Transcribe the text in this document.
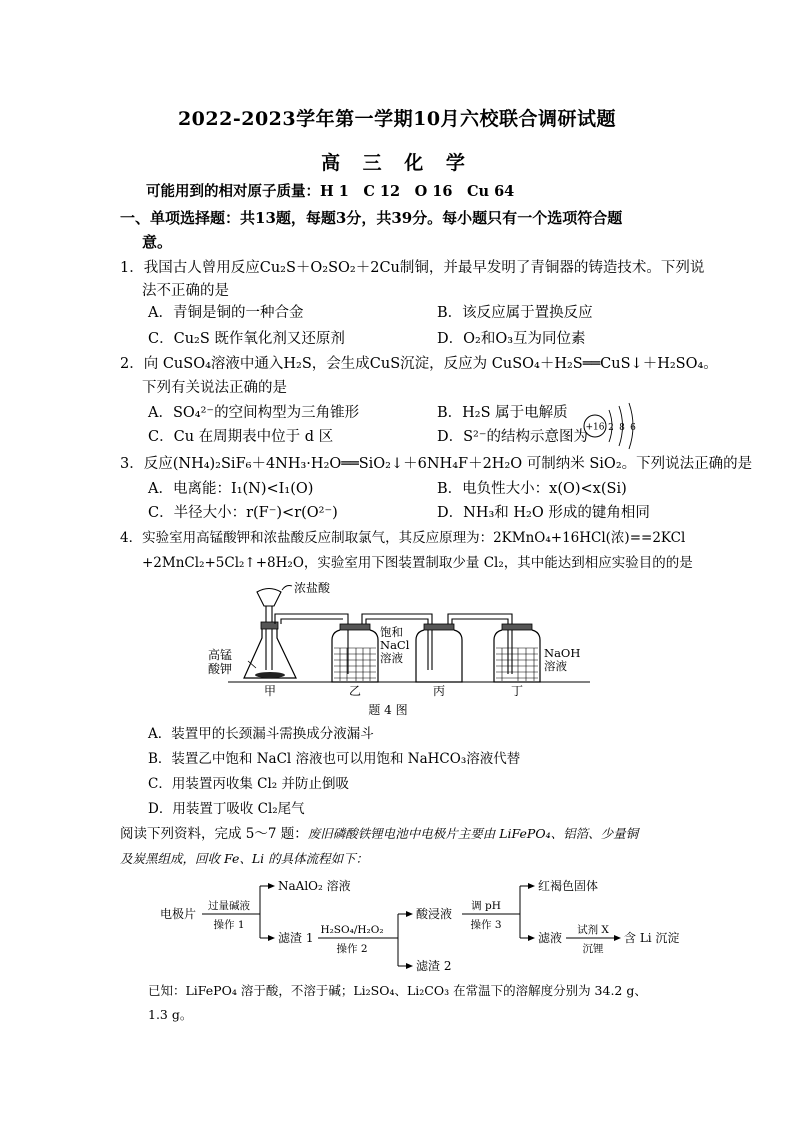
2022-2023学年第一学期10月六校联合调研试题
高 三 化 学
可能用到的相对原子质量：H 1　C 12　O 16　Cu 64
一、单项选择题：共13题，每题3分，共39分。每小题只有一个选项符合题
意。
1．我国古人曾用反应Cu₂S＋O₂SO₂＋2Cu制铜，并最早发明了青铜器的铸造技术。下列说
法不正确的是
A．青铜是铜的一种合金	B．该反应属于置换反应
C．Cu₂S 既作氧化剂又还原剂	D．O₂和O₃互为同位素
2．向 CuSO₄溶液中通入H₂S，会生成CuS沉淀，反应为 CuSO₄＋H₂S══CuS↓＋H₂SO₄。
下列有关说法正确的是
A．SO₄²⁻的空间构型为三角锥形	B．H₂S 属于电解质
C．Cu 在周期表中位于 d 区	D．S²⁻的结构示意图为
+16 2 8 6
3．反应(NH₄)₂SiF₆＋4NH₃·H₂O══SiO₂↓＋6NH₄F＋2H₂O 可制纳米 SiO₂。下列说法正确的是
A．电离能：I₁(N)<I₁(O)	B．电负性大小：x(O)<x(Si)
C．半径大小：r(F⁻)<r(O²⁻)	D．NH₃和 H₂O 形成的键角相同
4．实验室用高锰酸钾和浓盐酸反应制取氯气，其反应原理为：2KMnO₄+16HCl(浓)==2KCl
+2MnCl₂+5Cl₂↑+8H₂O，实验室用下图装置制取少量 Cl₂，其中能达到相应实验目的的是
浓盐酸
高锰
酸钾
饱和
NaCl
溶液	NaOH
溶液
甲	乙	丙	丁
题 4 图
A．装置甲的长颈漏斗需换成分液漏斗
B．装置乙中饱和 NaCl 溶液也可以用饱和 NaHCO₃溶液代替
C．用装置丙收集 Cl₂ 并防止倒吸
D．用装置丁吸收 Cl₂尾气
阅读下列资料，完成 5～7 题：废旧磷酸铁锂电池中电极片主要由 LiFePO₄、铝箔、少量铜
及炭黑组成，回收 Fe、Li 的具体流程如下：
电极片
过量碱液
操作 1
NaAlO₂ 溶液
滤渣 1
H₂SO₄/H₂O₂
操作 2
酸浸液
滤渣 2
调 pH
操作 3
红褐色固体
滤液
试剂 X
沉锂
含 Li 沉淀
已知：LiFePO₄ 溶于酸，不溶于碱；Li₂SO₄、Li₂CO₃ 在常温下的溶解度分别为 34.2 g、
1.3 g。
